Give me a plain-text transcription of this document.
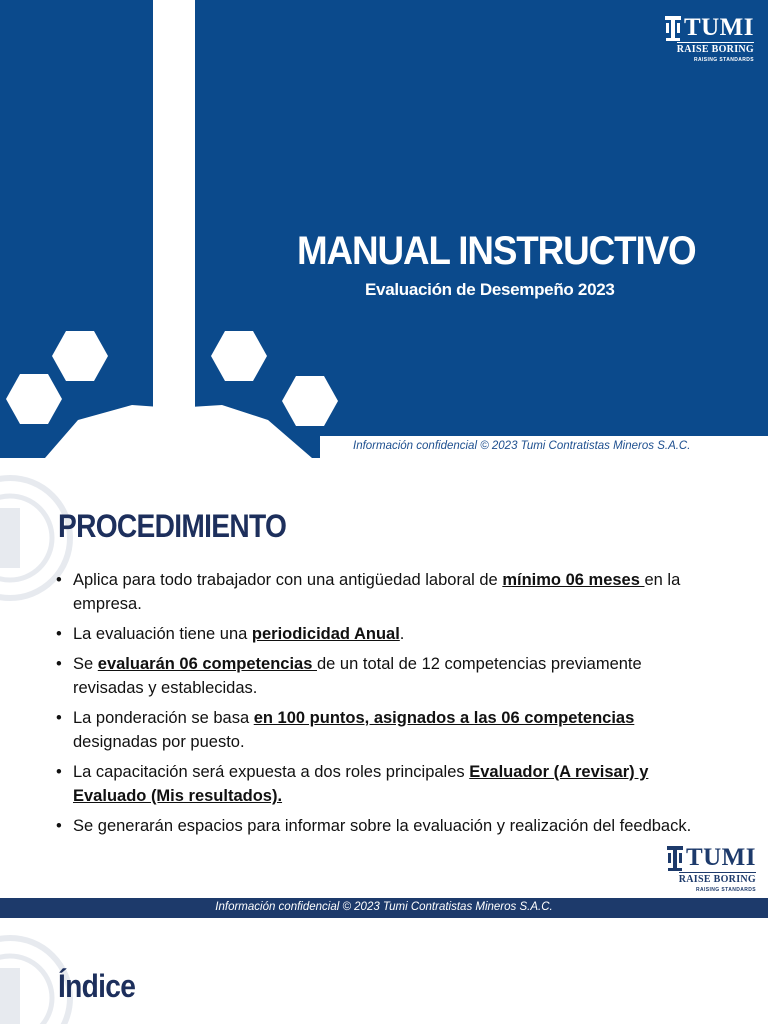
TUMI
RAISE BORING
RAISING STANDARDS
MANUAL INSTRUCTIVO
Evaluación de Desempeño 2023
Información confidencial © 2023 Tumi Contratistas Mineros S.A.C.
PROCEDIMIENTO
• Aplica para todo trabajador con una antigüedad laboral de mínimo 06 meses en la empresa.
• La evaluación tiene una periodicidad Anual.
• Se evaluarán 06 competencias de un total de 12 competencias previamente revisadas y establecidas.
• La ponderación se basa en 100 puntos, asignados a las 06 competencias designadas por puesto.
• La capacitación será expuesta a dos roles principales Evaluador (A revisar) y Evaluado (Mis resultados).
• Se generarán espacios para informar sobre la evaluación y realización del feedback.
Información confidencial © 2023 Tumi Contratistas Mineros S.A.C.
TUMI
RAISE BORING
RAISING STANDARDS
Índice
